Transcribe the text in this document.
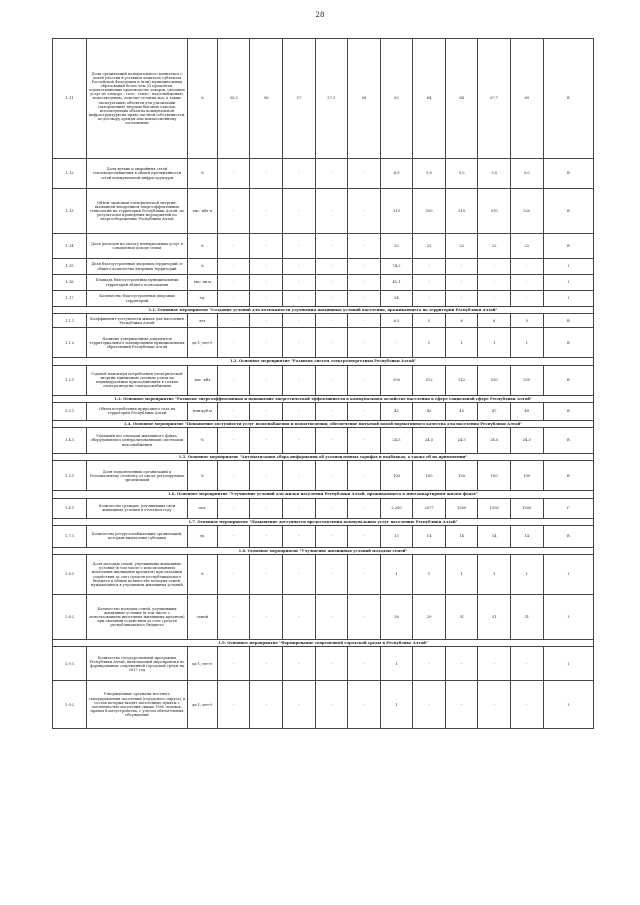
28
1.11	Доля организаций коммунального комплекса с долей участия в уставном капитале субъектов Российской Федерации и (или) муниципальных образований более чем 25 процентов, осуществляющих производство товаров, оказание услуг по электро-, газо-, тепло-, водоснабжению, водоотведению, очистке сточных вод, а также эксплуатацию объектов для утилизации (захоронения) твердых бытовых отходов, использующих объекты коммунальной инфраструктуры на праве частной собственности, по договору аренды или концессионному соглашению	%	55,5	56	57	57,5	58	62	64	64	67,7	69	В
1.12	Доля ветхих и аварийных сетей тепловодоснабжения в общей протяженности сетей коммунальной инфраструктуры	%	-	-	-	-	-	4,9	5,0	5,0	5,0	5,0	В
1.13	Объем экономии электрической энергии, вызванной внедрением энергоэффективных технологий на территории Республики Алтай, по результатам проведения мероприятий по энергосбережению Республики Алтай	тыс. кВт·ч	-	-	-	-	-	510	520	510	510	520	В
1.14	Доля расходов на оплату коммунальных услуг в совокупном доходе семьи	%	-	-	-	-	-	22	22	22	22	22	В
1.15	Доля благоустроенных дворовых территорий от общего количества дворовых территорий	%	-	-	-	-	-	74,2	-	-	-	-	I
1.16	Площадь благоустроенных муниципальных территорий общего пользования	тыс. кв.м	-	-	-	-	-	45,1	-	-	-	-	I
1.17	Количество благоустроенных дворовых территорий	ед.	-	-	-	-	-	54	-	-	-	-	I
1.1. Основное мероприятие "Создание условий для возможности улучшения жилищных условий населения, проживающего на территории Республики Алтай"													
1.1.1	Коэффициент доступности жилья для населения Республики Алтай	лет	-	-	-	-	-	6,5	5	6	6	5	В
1.1.2	Наличие утвержденных документов территориального планирования муниципальных образований Республики Алтай	да-1; нет-0	-	-	-	-	-	-	1	1	1	1	В
1.2. Основное мероприятие "Развитие систем электроэнергетики Республики Алтай"													
1.2.1	Годовой максимум потребления электрической энергии единичным сетевым узлом на индивидуальных присоединениях в точках электроэнергии электроснабжения	тыс. кВт	-	-	-	-	-	500	512	512	520	525	В
1.3. Основное мероприятие "Развитие энергоэффективных и повышение энергетической эффективности в коммунальном хозяйстве населения в сфере социальной сфере Республики Алтай"													
1.3.1	Объем потребления природного газа на территории Республики Алтай	млн.куб.м	-	-	-	-	-	42	43	45	47	49	В
1.4. Основное мероприятие "Повышение доступности услуг водоснабжения и водоотведения, обеспечение питьевой водой нормативного качества для населения Республики Алтай"													
1.4.1	Удельный вес площади жилищного фонда, оборудованного централизованными системами водоснабжения	%	-	-	-	-	-	24,5	24,5	24,5	24,5	24,5	В
1.5. Основное мероприятие "Автоматизация сбора информации об установленных тарифах и надбавках, а также об их применении"													
1.5.1	Доля подключенных организаций к Региональному сегменту от числа регулируемых организаций	%	-	-	-	-	-	100	100	100	100	100	В
1.6. Основное мероприятие "Улучшение условий для жилья населения Республики Алтай, проживающего в многоквартирном жилом фонде"													
1.6.1	Количество граждан, улучшивших свои жилищные условия в отчетном году	чел.	-	-	-	-	-	2 200	2077	1500	1500	1500	Г
1.7. Основное мероприятие "Повышение доступности предоставления коммунальных услуг населению Республики Алтай"													
1.7.1	Количество ресурсоснабжающих организаций, которым выплачены субсидии	ед.	-	-	-	-	-	13	14	14	14	14	В
1.8. Основное мероприятие "Улучшение жилищных условий молодых семей"													
1.8.1	Доля молодых семей, улучшивших жилищные условия (в том числе с использованием ипотечных жилищных кредитов) при оказании содействия за счет средств республиканского бюджета в общем количестве молодых семей, нуждающихся в улучшении жилищных условий	%	-	-	-	-	-	1	1	1	1	1	I
1.8.2	Количество молодых семей, улучшивших жилищные условия (в том числе с использованием ипотечных жилищных кредитов) при оказании содействия за счет средств республиканского бюджета	семей	-	-	-	-	-	26	29	31	31	31	I
1.9. Основное мероприятие "Формирование современной городской среды в Республике Алтай"													
1.9.1	Количество государственной программы Республики Алтай, включающей мероприятия по формированию современной городской среды на 2017 год	да-1; нет-0	-	-	-	-	-	1	-	-	-	-	I
1.9.2	Утвержденные органами местного самоуправления поселений (городского округа), в состав которых входят населенные пункты с численностью населения свыше 1000 человек, правил благоустройства, с учетом обязательных обсуждений	да-1; нет-0	-	-	-	-	-	1	-	-	-	-	I
